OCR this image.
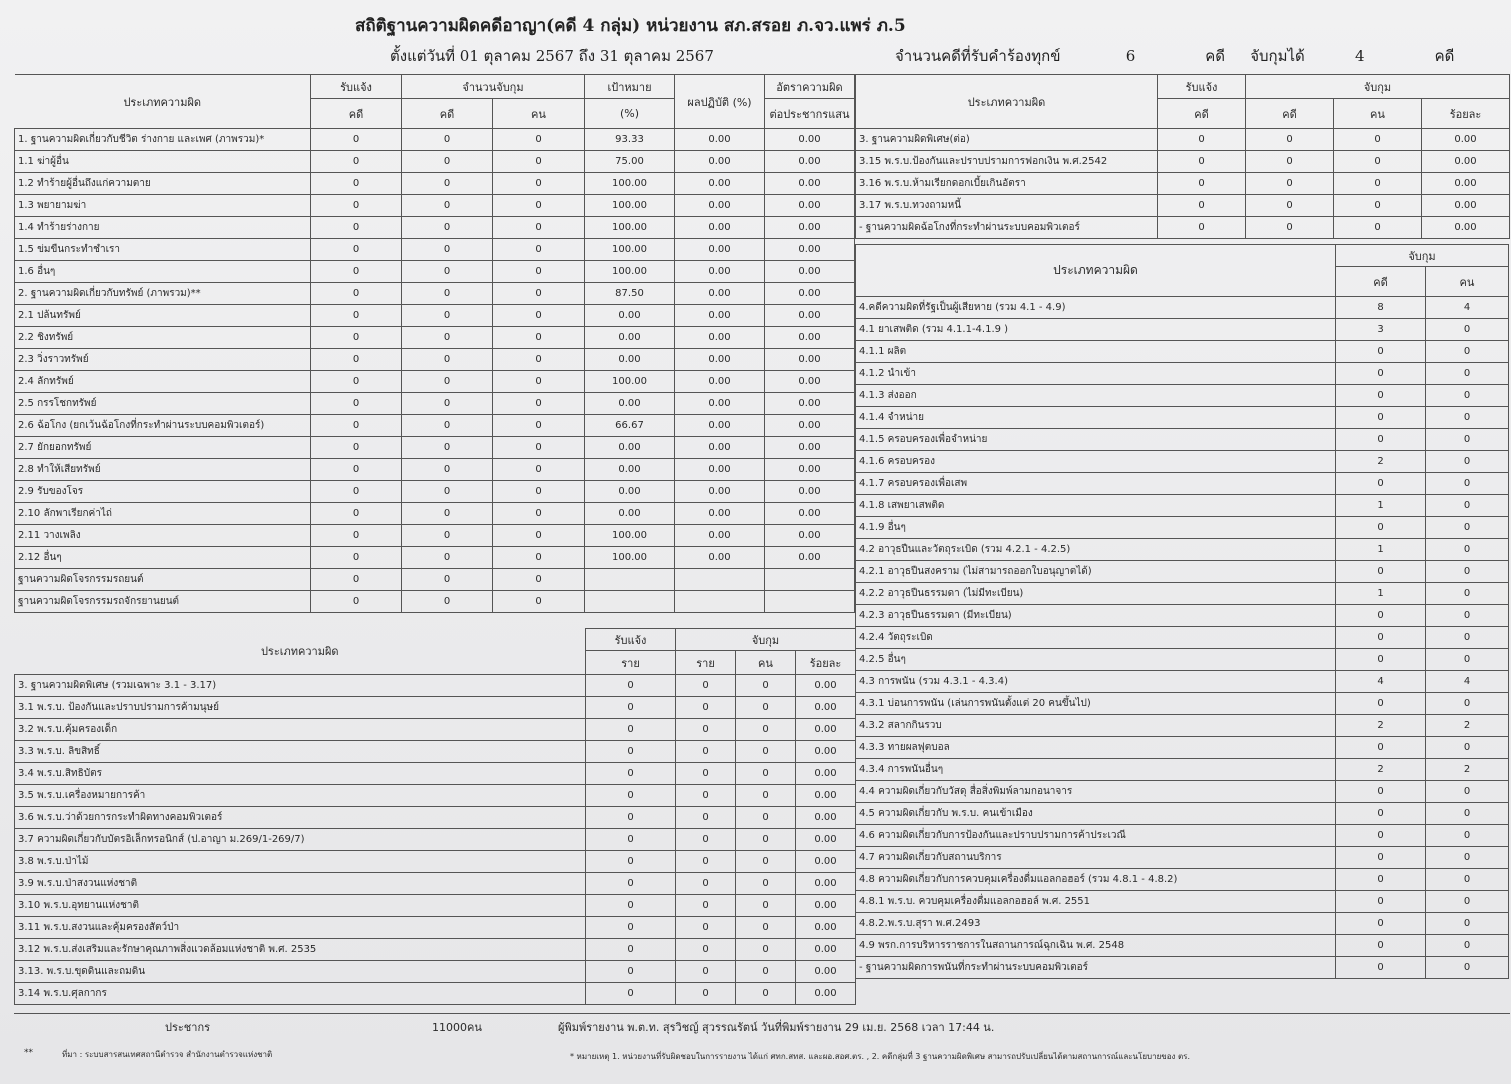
สถิติฐานความผิดคดีอาญา(คดี 4 กลุ่ม) หน่วยงาน สภ.สรอย ภ.จว.แพร่ ภ.5
ตั้งแต่วันที่ 01 ตุลาคม 2567 ถึง 31 ตุลาคม 2567	จำนวนคดีที่รับคำร้องทุกข์	6	คดี จับกุมได้	4	คดี
ประเภทความผิด	รับแจ้ง	จำนวนจับกุม		เป้าหมาย	ผลปฏิบัติ (%)	อัตราความผิด
	คดี	คดี	คน	(%)		ต่อประชากรแสน
1. ฐานความผิดเกี่ยวกับชีวิต ร่างกาย และเพศ (ภาพรวม)*	0	0	0	93.33	0.00	0.00
1.1 ฆ่าผู้อื่น	0	0	0	75.00	0.00	0.00
1.2 ทำร้ายผู้อื่นถึงแก่ความตาย	0	0	0	100.00	0.00	0.00
1.3 พยายามฆ่า	0	0	0	100.00	0.00	0.00
1.4 ทำร้ายร่างกาย	0	0	0	100.00	0.00	0.00
1.5 ข่มขืนกระทำชำเรา	0	0	0	100.00	0.00	0.00
1.6 อื่นๆ	0	0	0	100.00	0.00	0.00
2. ฐานความผิดเกี่ยวกับทรัพย์ (ภาพรวม)**	0	0	0	87.50	0.00	0.00
2.1 ปล้นทรัพย์	0	0	0	0.00	0.00	0.00
2.2 ชิงทรัพย์	0	0	0	0.00	0.00	0.00
2.3 วิ่งราวทรัพย์	0	0	0	0.00	0.00	0.00
2.4 ลักทรัพย์	0	0	0	100.00	0.00	0.00
2.5 กรรโชกทรัพย์	0	0	0	0.00	0.00	0.00
2.6 ฉ้อโกง (ยกเว้นฉ้อโกงที่กระทำผ่านระบบคอมพิวเตอร์)	0	0	0	66.67	0.00	0.00
2.7 ยักยอกทรัพย์	0	0	0	0.00	0.00	0.00
2.8 ทำให้เสียทรัพย์	0	0	0	0.00	0.00	0.00
2.9 รับของโจร	0	0	0	0.00	0.00	0.00
2.10 ลักพาเรียกค่าไถ่	0	0	0	0.00	0.00	0.00
2.11 วางเพลิง	0	0	0	100.00	0.00	0.00
2.12 อื่นๆ	0	0	0	100.00	0.00	0.00
ฐานความผิดโจรกรรมรถยนต์	0	0	0			
ฐานความผิดโจรกรรมรถจักรยานยนต์	0	0	0			
ประเภทความผิด	รับแจ้ง	จับกุม		
	ราย	ราย	คน	ร้อยละ
3. ฐานความผิดพิเศษ (รวมเฉพาะ 3.1 - 3.17)	0	0	0	0.00
3.1 พ.ร.บ. ป้องกันและปราบปรามการค้ามนุษย์	0	0	0	0.00
3.2 พ.ร.บ.คุ้มครองเด็ก	0	0	0	0.00
3.3 พ.ร.บ. ลิขสิทธิ์	0	0	0	0.00
3.4 พ.ร.บ.สิทธิบัตร	0	0	0	0.00
3.5 พ.ร.บ.เครื่องหมายการค้า	0	0	0	0.00
3.6 พ.ร.บ.ว่าด้วยการกระทำผิดทางคอมพิวเตอร์	0	0	0	0.00
3.7 ความผิดเกี่ยวกับบัตรอิเล็กทรอนิกส์ (ป.อาญา ม.269/1-269/7)	0	0	0	0.00
3.8 พ.ร.บ.ป่าไม้	0	0	0	0.00
3.9 พ.ร.บ.ป่าสงวนแห่งชาติ	0	0	0	0.00
3.10 พ.ร.บ.อุทยานแห่งชาติ	0	0	0	0.00
3.11 พ.ร.บ.สงวนและคุ้มครองสัตว์ป่า	0	0	0	0.00
3.12 พ.ร.บ.ส่งเสริมและรักษาคุณภาพสิ่งแวดล้อมแห่งชาติ พ.ศ. 2535	0	0	0	0.00
3.13. พ.ร.บ.ขุดดินและถมดิน	0	0	0	0.00
3.14 พ.ร.บ.ศุลกากร	0	0	0	0.00
ประเภทความผิด	รับแจ้ง	จับกุม		
	คดี	คดี	คน	ร้อยละ
3. ฐานความผิดพิเศษ(ต่อ)	0	0	0	0.00
3.15 พ.ร.บ.ป้องกันและปราบปรามการฟอกเงิน พ.ศ.2542	0	0	0	0.00
3.16 พ.ร.บ.ห้ามเรียกดอกเบี้ยเกินอัตรา	0	0	0	0.00
3.17 พ.ร.บ.ทวงถามหนี้	0	0	0	0.00
- ฐานความผิดฉ้อโกงที่กระทำผ่านระบบคอมพิวเตอร์	0	0	0	0.00
ประเภทความผิด	จับกุม	
	คดี	คน
4.คดีความผิดที่รัฐเป็นผู้เสียหาย (รวม 4.1 - 4.9)	8	4
4.1 ยาเสพติด (รวม 4.1.1-4.1.9 )	3	0
4.1.1 ผลิต	0	0
4.1.2 นำเข้า	0	0
4.1.3 ส่งออก	0	0
4.1.4 จำหน่าย	0	0
4.1.5 ครอบครองเพื่อจำหน่าย	0	0
4.1.6 ครอบครอง	2	0
4.1.7 ครอบครองเพื่อเสพ	0	0
4.1.8 เสพยาเสพติด	1	0
4.1.9 อื่นๆ	0	0
4.2 อาวุธปืนและวัตถุระเบิด (รวม 4.2.1 - 4.2.5)	1	0
4.2.1 อาวุธปืนสงคราม (ไม่สามารถออกใบอนุญาตได้)	0	0
4.2.2 อาวุธปืนธรรมดา (ไม่มีทะเบียน)	1	0
4.2.3 อาวุธปืนธรรมดา (มีทะเบียน)	0	0
4.2.4 วัตถุระเบิด	0	0
4.2.5 อื่นๆ	0	0
4.3 การพนัน (รวม 4.3.1 - 4.3.4)	4	4
4.3.1 บ่อนการพนัน (เล่นการพนันตั้งแต่ 20 คนขึ้นไป)	0	0
4.3.2 สลากกินรวบ	2	2
4.3.3 ทายผลฟุตบอล	0	0
4.3.4 การพนันอื่นๆ	2	2
4.4 ความผิดเกี่ยวกับวัสดุ สื่อสิ่งพิมพ์ลามกอนาจาร	0	0
4.5 ความผิดเกี่ยวกับ พ.ร.บ. คนเข้าเมือง	0	0
4.6 ความผิดเกี่ยวกับการป้องกันและปราบปรามการค้าประเวณี	0	0
4.7 ความผิดเกี่ยวกับสถานบริการ	0	0
4.8 ความผิดเกี่ยวกับการควบคุมเครื่องดื่มแอลกอฮอร์ (รวม 4.8.1 - 4.8.2)	0	0
4.8.1 พ.ร.บ. ควบคุมเครื่องดื่มแอลกอฮอล์ พ.ศ. 2551	0	0
4.8.2.พ.ร.บ.สุรา พ.ศ.2493	0	0
4.9 พรก.การบริหารราชการในสถานการณ์ฉุกเฉิน พ.ศ. 2548	0	0
- ฐานความผิดการพนันที่กระทำผ่านระบบคอมพิวเตอร์	0	0
ประชากร	11000คน	ผู้พิมพ์รายงาน พ.ต.ท. สุรวิชญ์ สุวรรณรัตน์ วันที่พิมพ์รายงาน 29 เม.ย. 2568 เวลา 17:44 น.
**	ที่มา : ระบบสารสนเทศสถานีตำรวจ สำนักงานตำรวจแห่งชาติ	* หมายเหตุ 1. หน่วยงานที่รับผิดชอบในการรายงาน ได้แก่ ศทก.สทส. และผอ.สอศ.ตร. , 2. คดีกลุ่มที่ 3 ฐานความผิดพิเศษ สามารถปรับเปลี่ยนได้ตามสถานการณ์และนโยบายของ ตร.
